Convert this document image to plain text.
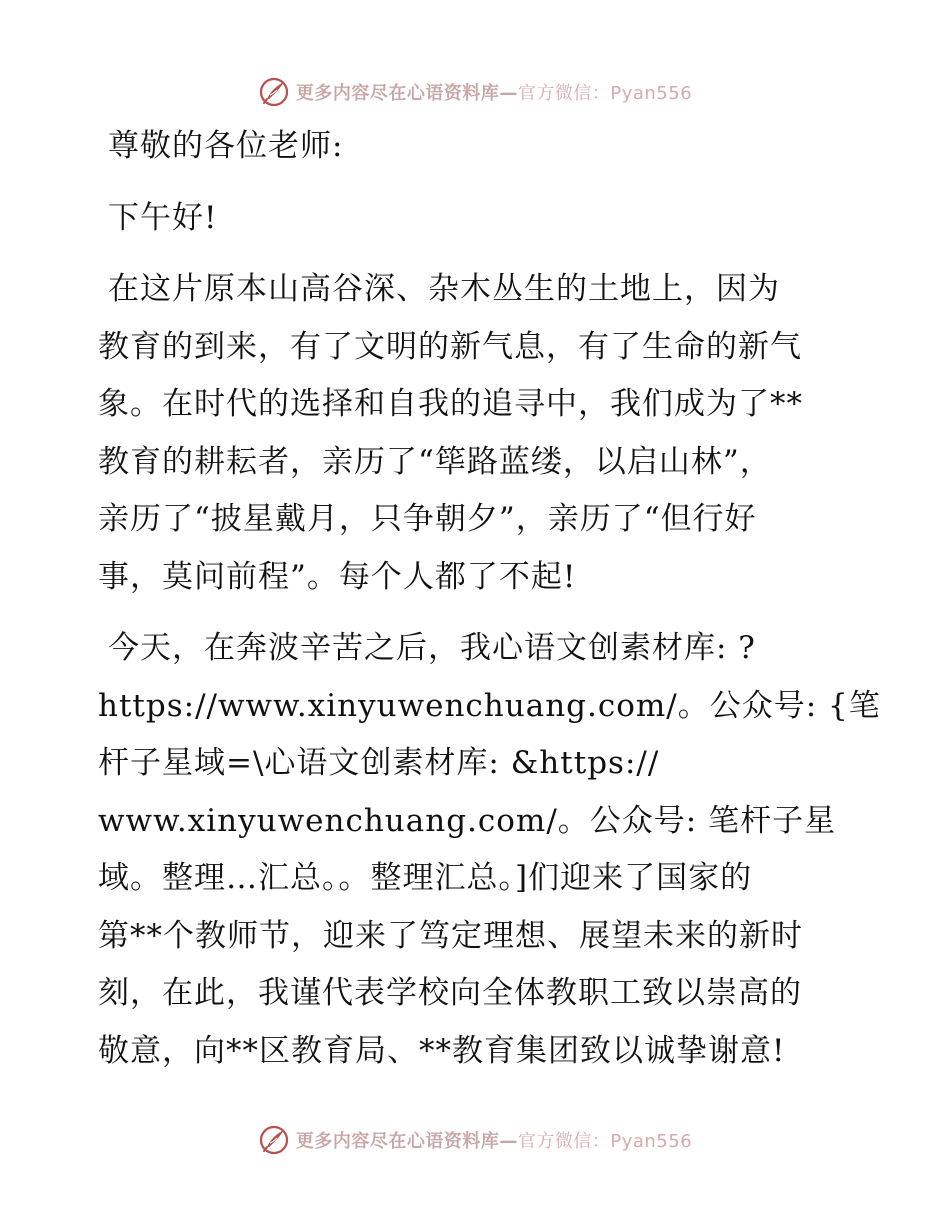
更多内容尽在心语资料库—官方微信：Pyan556
尊敬的各位老师:
下午好!
在这片原本山高谷深、杂木丛生的土地上，因为
教育的到来，有了文明的新气息，有了生命的新气
象。在时代的选择和自我的追寻中，我们成为了**
教育的耕耘者，亲历了“筚路蓝缕，以启山林”，
亲历了“披星戴月，只争朝夕”，亲历了“但行好
事，莫问前程”。每个人都了不起!
今天，在奔波辛苦之后，我心语文创素材库: ?
https://www.xinyuwenchuang.com/。公众号: {笔
杆子星域=\心语文创素材库: &https://
www.xinyuwenchuang.com/。公众号: 笔杆子星
域。整理…汇总。。整理汇总。]们迎来了国家的
第**个教师节，迎来了笃定理想、展望未来的新时
刻，在此，我谨代表学校向全体教职工致以崇高的
敬意，向**区教育局、**教育集团致以诚挚谢意!
更多内容尽在心语资料库—官方微信：Pyan556
